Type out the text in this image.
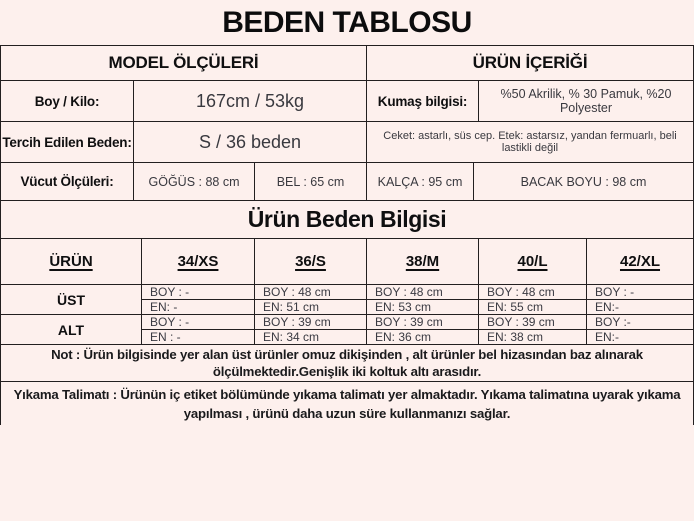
BEDEN TABLOSU
MODEL ÖLÇÜLERİ	ÜRÜN İÇERİĞİ
Boy / Kilo:	167cm / 53kg	Kumaş bilgisi:	%50 Akrilik, % 30 Pamuk, %20 Polyester
Tercih Edilen Beden:	S / 36 beden	Ceket: astarlı, süs cep. Etek: astarsız, yandan fermuarlı, beli lastikli değil
Vücut Ölçüleri:	GÖĞÜS : 88 cm	BEL : 65 cm	KALÇA : 95 cm	BACAK BOYU : 98 cm
Ürün Beden Bilgisi
ÜRÜN	34/XS	36/S	38/M	40/L	42/XL
ÜST	BOY : -	BOY : 48 cm	BOY : 48 cm	BOY : 48 cm	BOY : -
EN: -	EN: 51 cm	EN: 53 cm	EN: 55 cm	EN:-
ALT	BOY : -	BOY : 39 cm	BOY : 39 cm	BOY : 39 cm	BOY :-
EN : -	EN: 34 cm	EN: 36 cm	EN: 38 cm	EN:-
Not : Ürün bilgisinde yer alan üst ürünler omuz dikişinden , alt ürünler bel hizasından baz alınarak ölçülmektedir.Genişlik iki koltuk altı arasıdır.
Yıkama Talimatı : Ürünün iç etiket bölümünde yıkama talimatı yer almaktadır. Yıkama talimatına uyarak yıkama yapılması , ürünü daha uzun süre kullanmanızı sağlar.
